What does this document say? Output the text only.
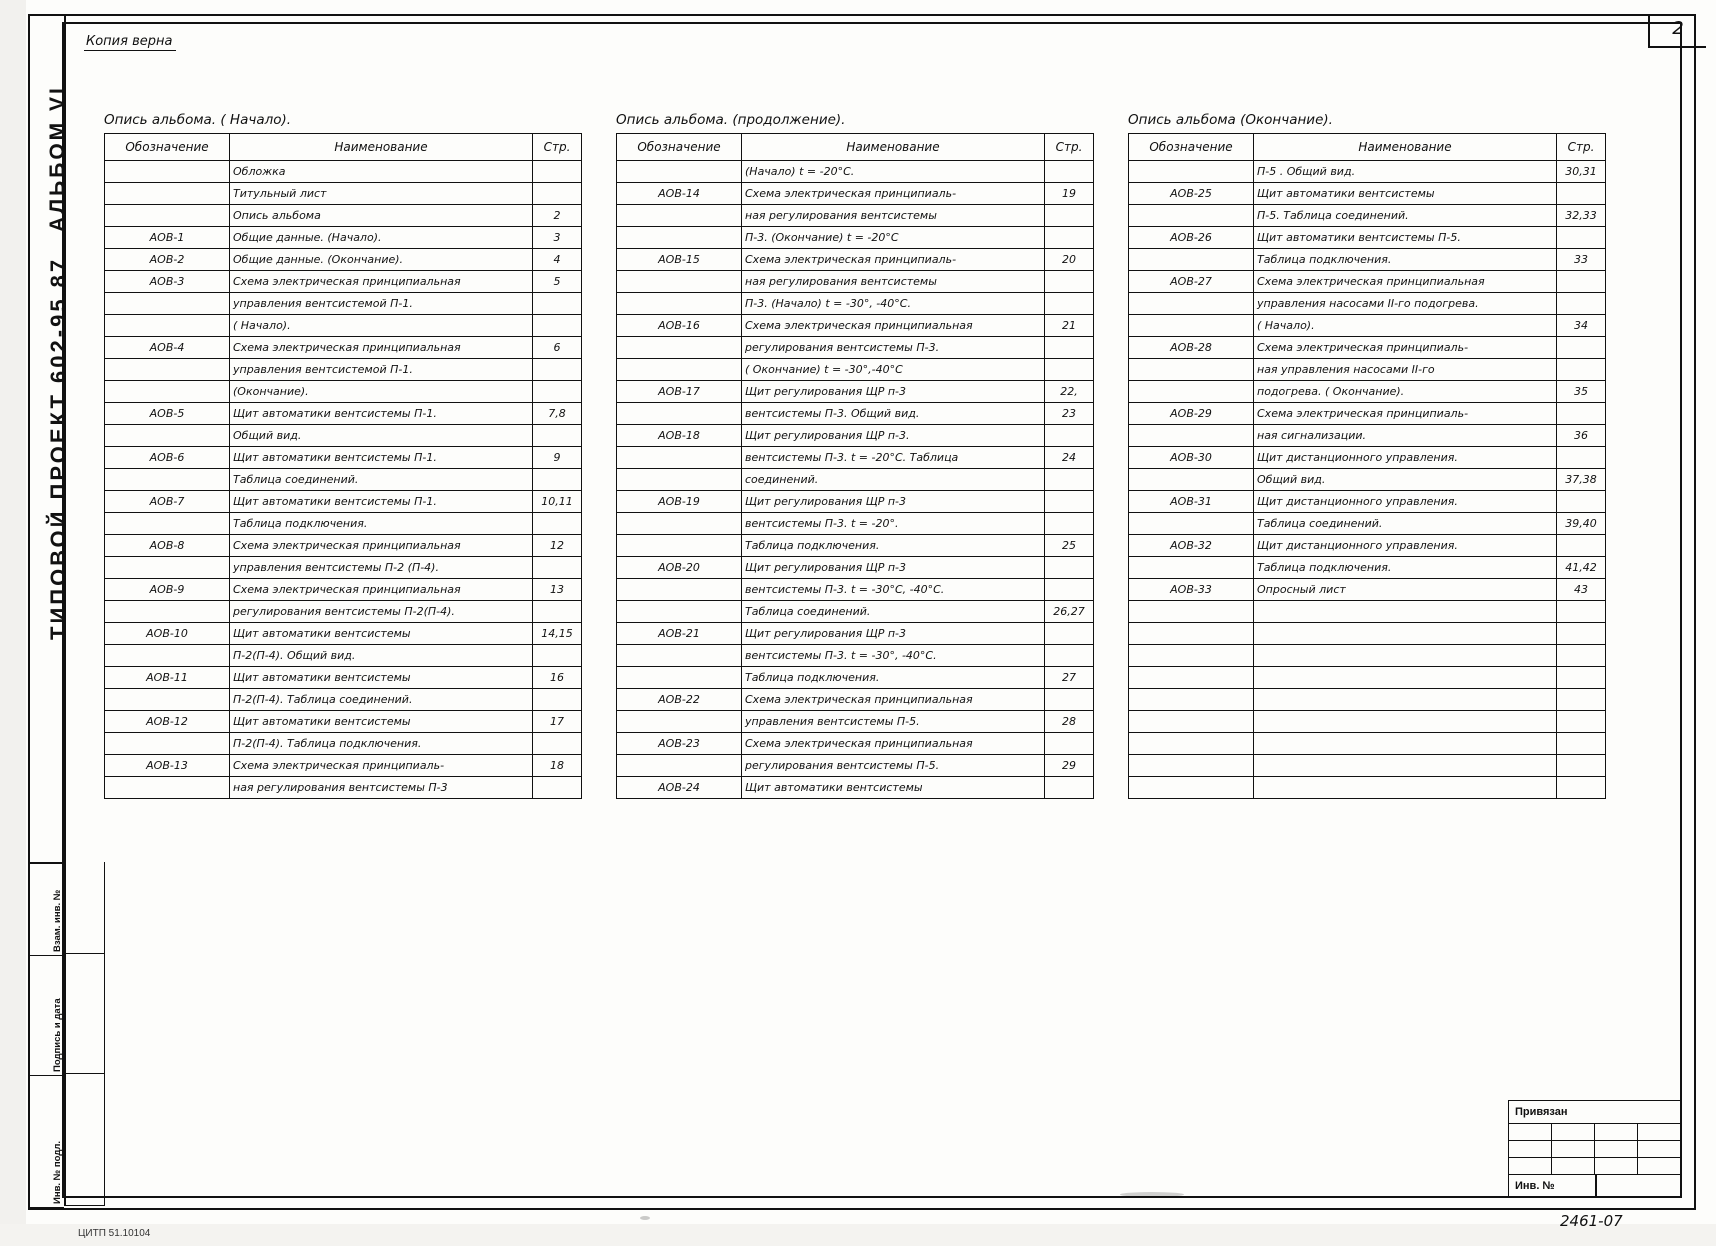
ТИПОВОЙ ПРОЕКТ 602-95.87
АЛЬБОМ VI
Копия верна
2
Опись альбома. ( Начало).
Обозначение	Наименование	Стр.
	Обложка	
	Титульный лист	
	Опись альбома	2
АОВ-1	Общие данные. (Начало).	3
АОВ-2	Общие данные. (Окончание).	4
АОВ-3	Схема электрическая принципиальная	5
	управления вентсистемой П-1.	
	( Начало).	
АОВ-4	Схема электрическая принципиальная	6
	управления вентсистемой П-1.	
	(Окончание).	
АОВ-5	Щит автоматики вентсистемы П-1.	7,8
	Общий вид.	
АОВ-6	Щит автоматики вентсистемы П-1.	9
	Таблица соединений.	
АОВ-7	Щит автоматики вентсистемы П-1.	10,11
	Таблица подключения.	
АОВ-8	Схема электрическая принципиальная	12
	управления вентсистемы П-2 (П-4).	
АОВ-9	Схема электрическая принципиальная	13
	регулирования вентсистемы П-2(П-4).	
АОВ-10	Щит автоматики вентсистемы	14,15
	П-2(П-4). Общий вид.	
АОВ-11	Щит автоматики вентсистемы	16
	П-2(П-4). Таблица соединений.	
АОВ-12	Щит автоматики вентсистемы	17
	П-2(П-4). Таблица подключения.	
АОВ-13	Схема электрическая принципиаль-	18
	ная регулирования вентсистемы П-3	
Опись альбома. (продолжение).
Обозначение	Наименование	Стр.
	(Начало) t = -20°С.	
АОВ-14	Схема электрическая принципиаль-	19
	ная регулирования вентсистемы	
	П-3. (Окончание) t = -20°С	
АОВ-15	Схема электрическая принципиаль-	20
	ная регулирования вентсистемы	
	П-3. (Начало) t = -30°, -40°С.	
АОВ-16	Схема электрическая принципиальная	21
	регулирования вентсистемы П-3.	
	( Окончание) t = -30°,-40°С	
АОВ-17	Щит регулирования ЩР п-3	22,
	вентсистемы П-3. Общий вид.	23
АОВ-18	Щит регулирования ЩР п-3.	
	вентсистемы П-3. t = -20°С. Таблица	24
	соединений.	
АОВ-19	Щит регулирования ЩР п-3	
	вентсистемы П-3. t = -20°.	
	Таблица подключения.	25
АОВ-20	Щит регулирования ЩР п-3	
	вентсистемы П-3. t = -30°С, -40°С.	
	Таблица соединений.	26,27
АОВ-21	Щит регулирования ЩР п-3	
	вентсистемы П-3. t = -30°, -40°С.	
	Таблица подключения.	27
АОВ-22	Схема электрическая принципиальная	
	управления вентсистемы П-5.	28
АОВ-23	Схема электрическая принципиальная	
	регулирования вентсистемы П-5.	29
АОВ-24	Щит автоматики вентсистемы	
Опись альбома (Окончание).
Обозначение	Наименование	Стр.
	П-5 . Общий вид.	30,31
АОВ-25	Щит автоматики вентсистемы	
	П-5. Таблица соединений.	32,33
АОВ-26	Щит автоматики вентсистемы П-5.	
	Таблица подключения.	33
АОВ-27	Схема электрическая принципиальная	
	управления насосами II-го подогрева.	
	( Начало).	34
АОВ-28	Схема электрическая принципиаль-	
	ная управления насосами II-го	
	подогрева. ( Окончание).	35
АОВ-29	Схема электрическая принципиаль-	
	ная сигнализации.	36
АОВ-30	Щит дистанционного управления.	
	Общий вид.	37,38
АОВ-31	Щит дистанционного управления.	
	Таблица соединений.	39,40
АОВ-32	Щит дистанционного управления.	
	Таблица подключения.	41,42
АОВ-33	Опросный лист	43

Взам. инв. №
Подпись и дата
Инв. № подл.
Привязан
Инв. №
2461-07
ЦИТП 51.10104
